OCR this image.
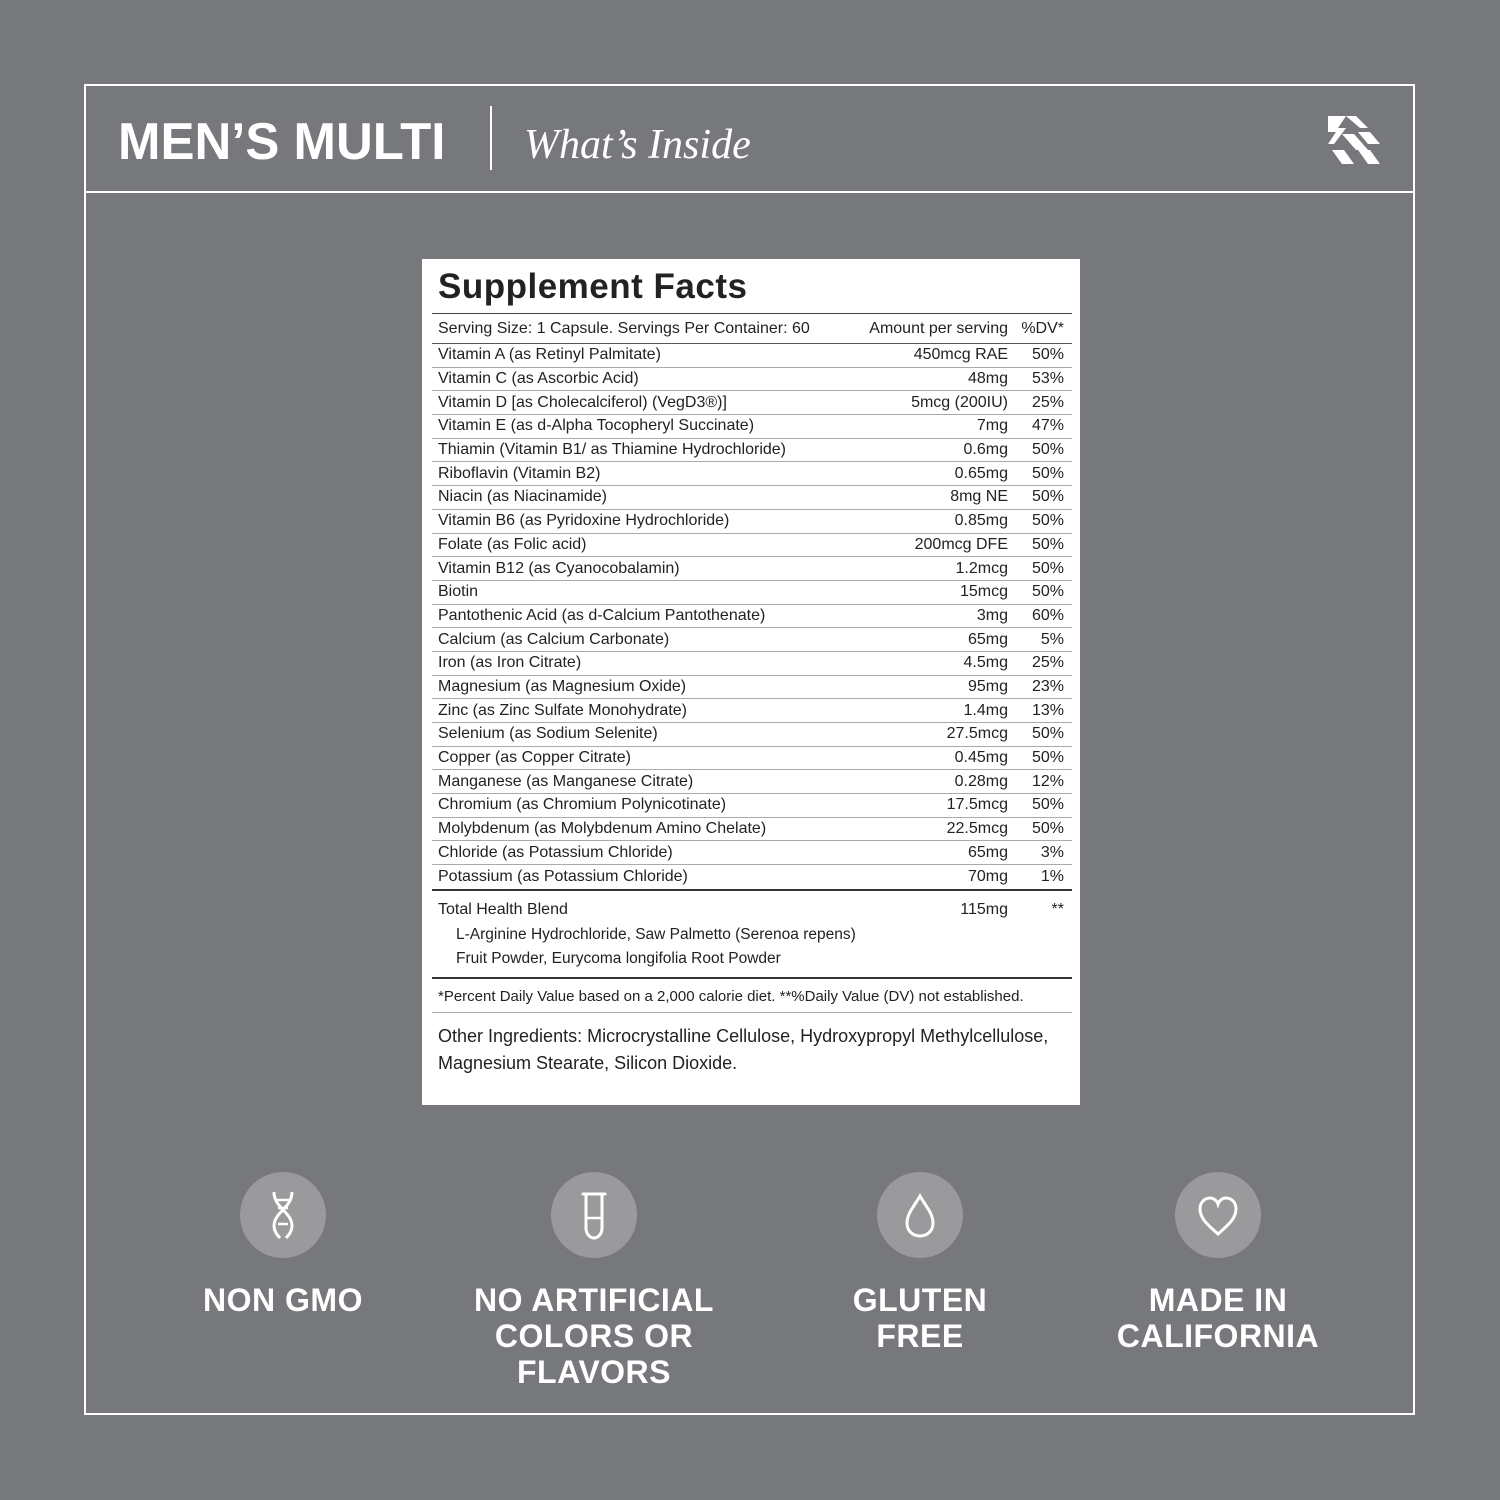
MEN’S MULTI What’s Inside
Supplement Facts
Serving Size: 1 Capsule. Servings Per Container: 60	Amount per serving %DV*
Vitamin A (as Retinyl Palmitate)	450mcg RAE	50%
Vitamin C (as Ascorbic Acid)	48mg	53%
Vitamin D [as Cholecalciferol) (VegD3®)]	5mcg (200IU)	25%
Vitamin E (as d-Alpha Tocopheryl Succinate)	7mg	47%
Thiamin (Vitamin B1/ as Thiamine Hydrochloride)	0.6mg	50%
Riboflavin (Vitamin B2)	0.65mg	50%
Niacin (as Niacinamide)	8mg NE	50%
Vitamin B6 (as Pyridoxine Hydrochloride)	0.85mg	50%
Folate (as Folic acid)	200mcg DFE	50%
Vitamin B12 (as Cyanocobalamin)	1.2mcg	50%
Biotin	15mcg	50%
Pantothenic Acid (as d-Calcium Pantothenate)	3mg	60%
Calcium (as Calcium Carbonate)	65mg	5%
Iron (as Iron Citrate)	4.5mg	25%
Magnesium (as Magnesium Oxide)	95mg	23%
Zinc (as Zinc Sulfate Monohydrate)	1.4mg	13%
Selenium (as Sodium Selenite)	27.5mcg	50%
Copper (as Copper Citrate)	0.45mg	50%
Manganese (as Manganese Citrate)	0.28mg	12%
Chromium (as Chromium Polynicotinate)	17.5mcg	50%
Molybdenum (as Molybdenum Amino Chelate)	22.5mcg	50%
Chloride (as Potassium Chloride)	65mg	3%
Potassium (as Potassium Chloride)	70mg	1%
Total Health Blend	115mg	**
L-Arginine Hydrochloride, Saw Palmetto (Serenoa repens)
Fruit Powder, Eurycoma longifolia Root Powder
*Percent Daily Value based on a 2,000 calorie diet. **%Daily Value (DV) not established.
Other Ingredients: Microcrystalline Cellulose, Hydroxypropyl Methylcellulose, Magnesium Stearate, Silicon Dioxide.
NON GMO	NO ARTIFICIAL
COLORS OR FLAVORS
GLUTEN
FREE
MADE IN
CALIFORNIA
